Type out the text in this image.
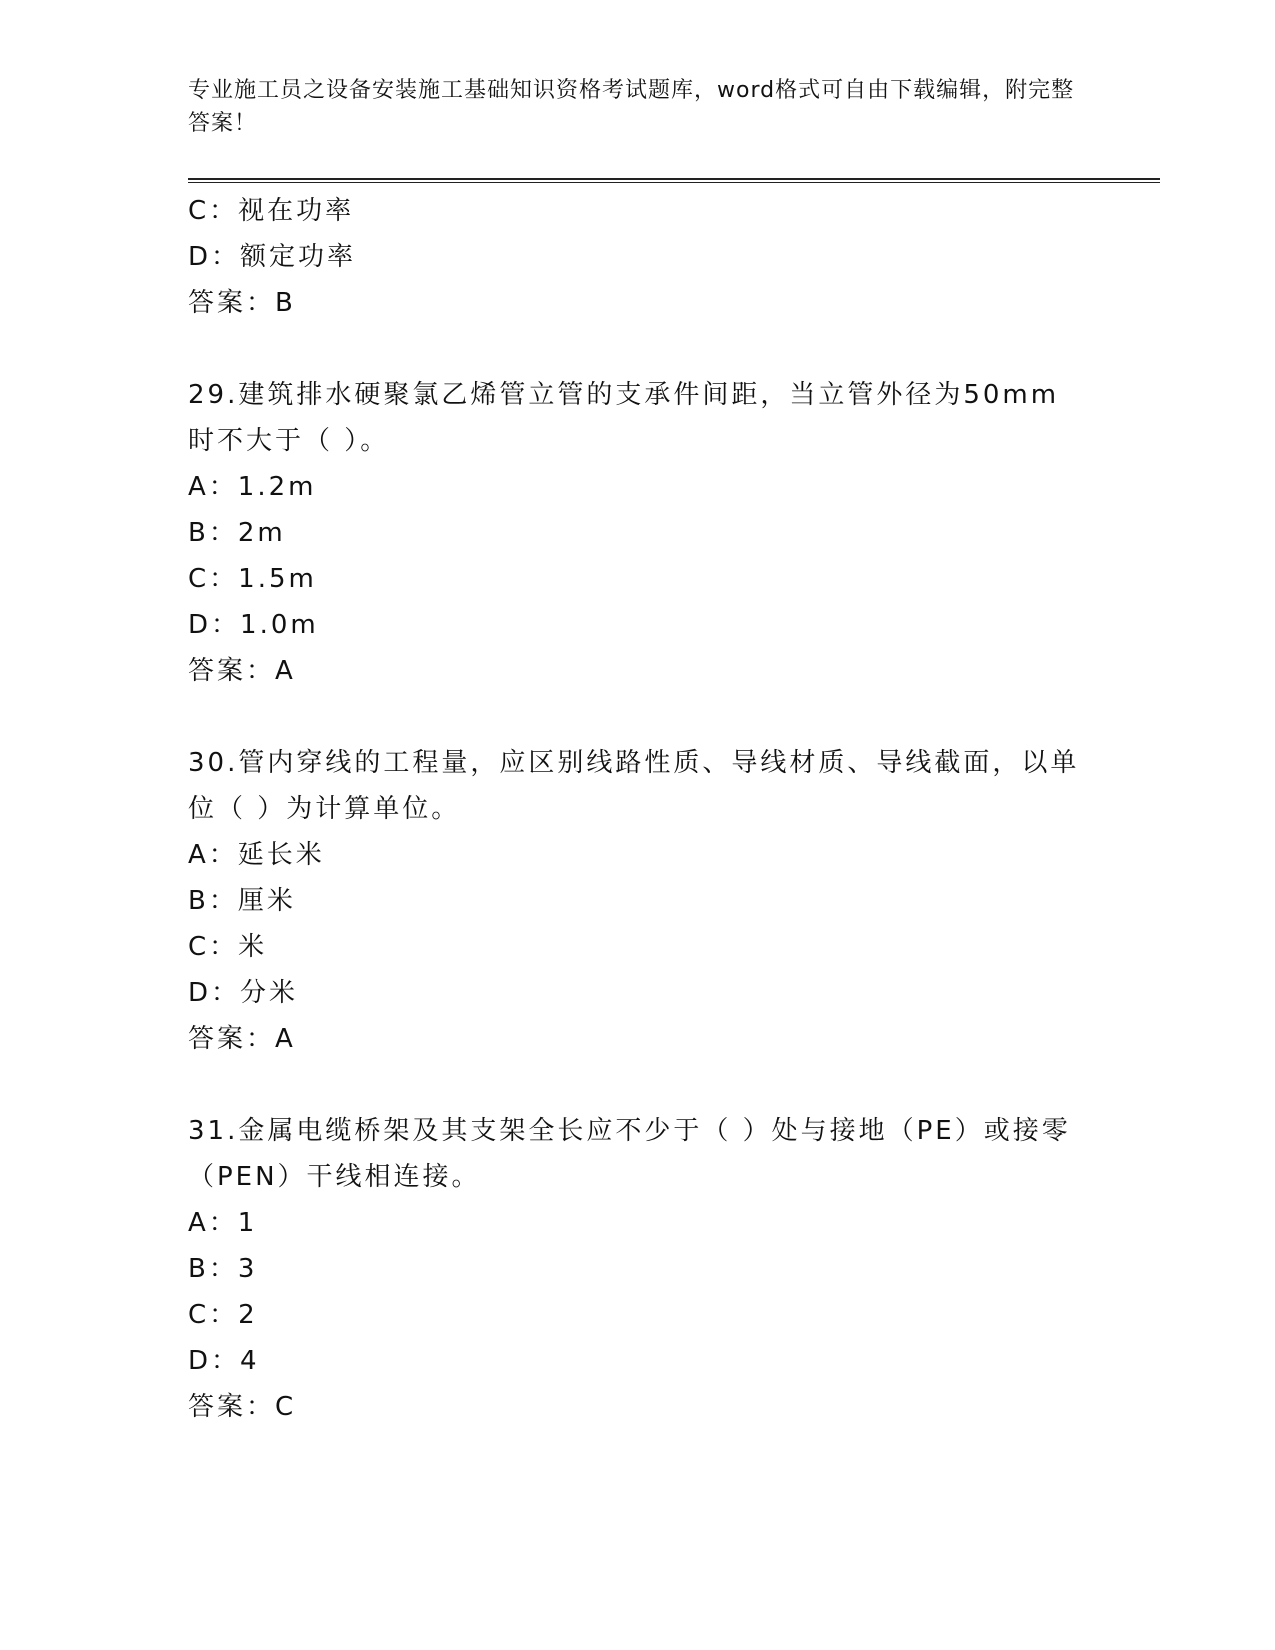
专业施工员之设备安装施工基础知识资格考试题库，word格式可自由下载编辑，附完整答案！
C：视在功率
D：额定功率
答案：B
29.建筑排水硬聚氯乙烯管立管的支承件间距，当立管外径为50mm时不大于（ ）。
A：1.2m
B：2m
C：1.5m
D：1.0m
答案：A
30.管内穿线的工程量，应区别线路性质、导线材质、导线截面，以单位（ ）为计算单位。
A：延长米
B：厘米
C：米
D：分米
答案：A
31.金属电缆桥架及其支架全长应不少于（ ）处与接地（PE）或接零（PEN）干线相连接。
A：1
B：3
C：2
D：4
答案：C
